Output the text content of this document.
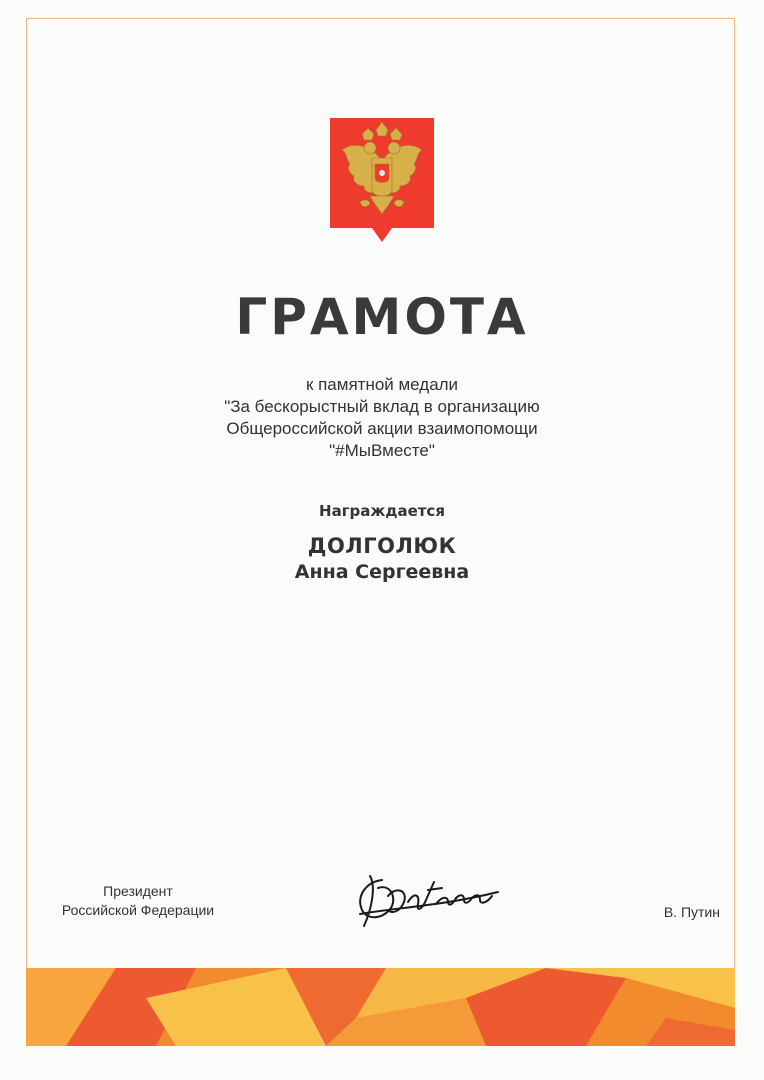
ГРАМОТА
к памятной медали
"За бескорыстный вклад в организацию
Общероссийской акции взаимопомощи
"#МыВместе"
Награждается
ДОЛГОЛЮК
Анна Сергеевна
Президент
Российской Федерации	В. Путин
